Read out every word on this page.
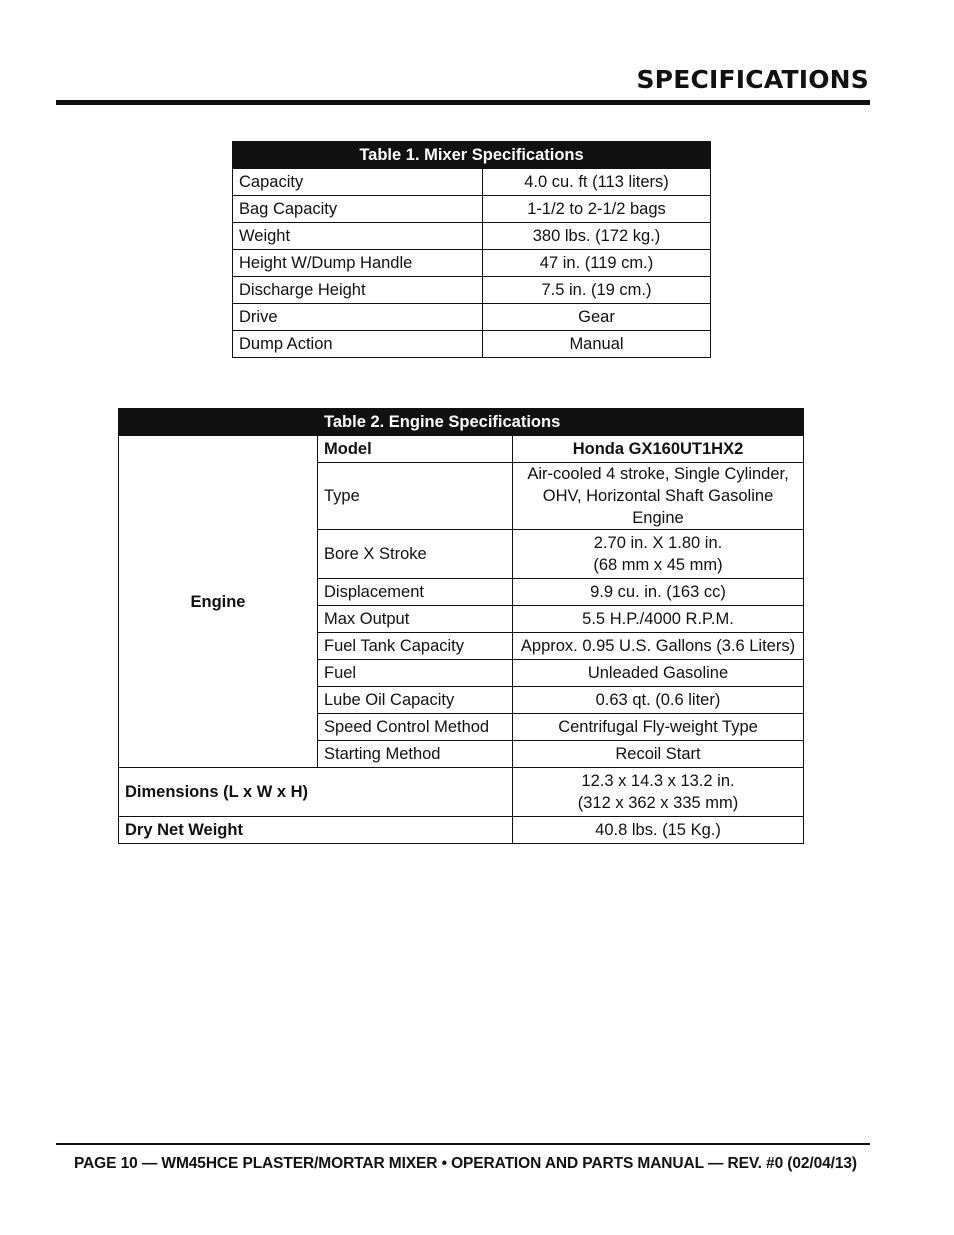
SPECIFICATIONS
Table 1. Mixer Specifications	
Capacity	4.0 cu. ft (113 liters)
Bag Capacity	1-1/2 to 2-1/2 bags
Weight	380 lbs. (172 kg.)
Height W/Dump Handle	47 in. (119 cm.)
Discharge Height	7.5 in. (19 cm.)
Drive	Gear
Dump Action	Manual
Table 2. Engine Specifications		
Engine	Model	Honda GX160UT1HX2

	Type	Air-cooled 4 stroke, Single Cylinder,
OHV, Horizontal Shaft Gasoline Engine

	Bore X Stroke	2.70 in. X 1.80 in.
(68 mm x 45 mm)

	Displacement	9.9 cu. in. (163 cc)

	Max Output	5.5 H.P./4000 R.P.M.

	Fuel Tank Capacity	Approx. 0.95 U.S. Gallons (3.6 Liters)

	Fuel	Unleaded Gasoline

	Lube Oil Capacity	0.63 qt. (0.6 liter)

	Speed Control Method	Centrifugal Fly-weight Type

	Starting Method	Recoil Start

Dimensions (L x W x H)		12.3 x 14.3 x 13.2 in.
(312 x 362 x 335 mm)

Dry Net Weight		40.8 lbs. (15 Kg.)
PAGE 10 — WM45HCE PLASTER/MORTAR MIXER • OPERATION AND PARTS MANUAL — REV. #0 (02/04/13)
